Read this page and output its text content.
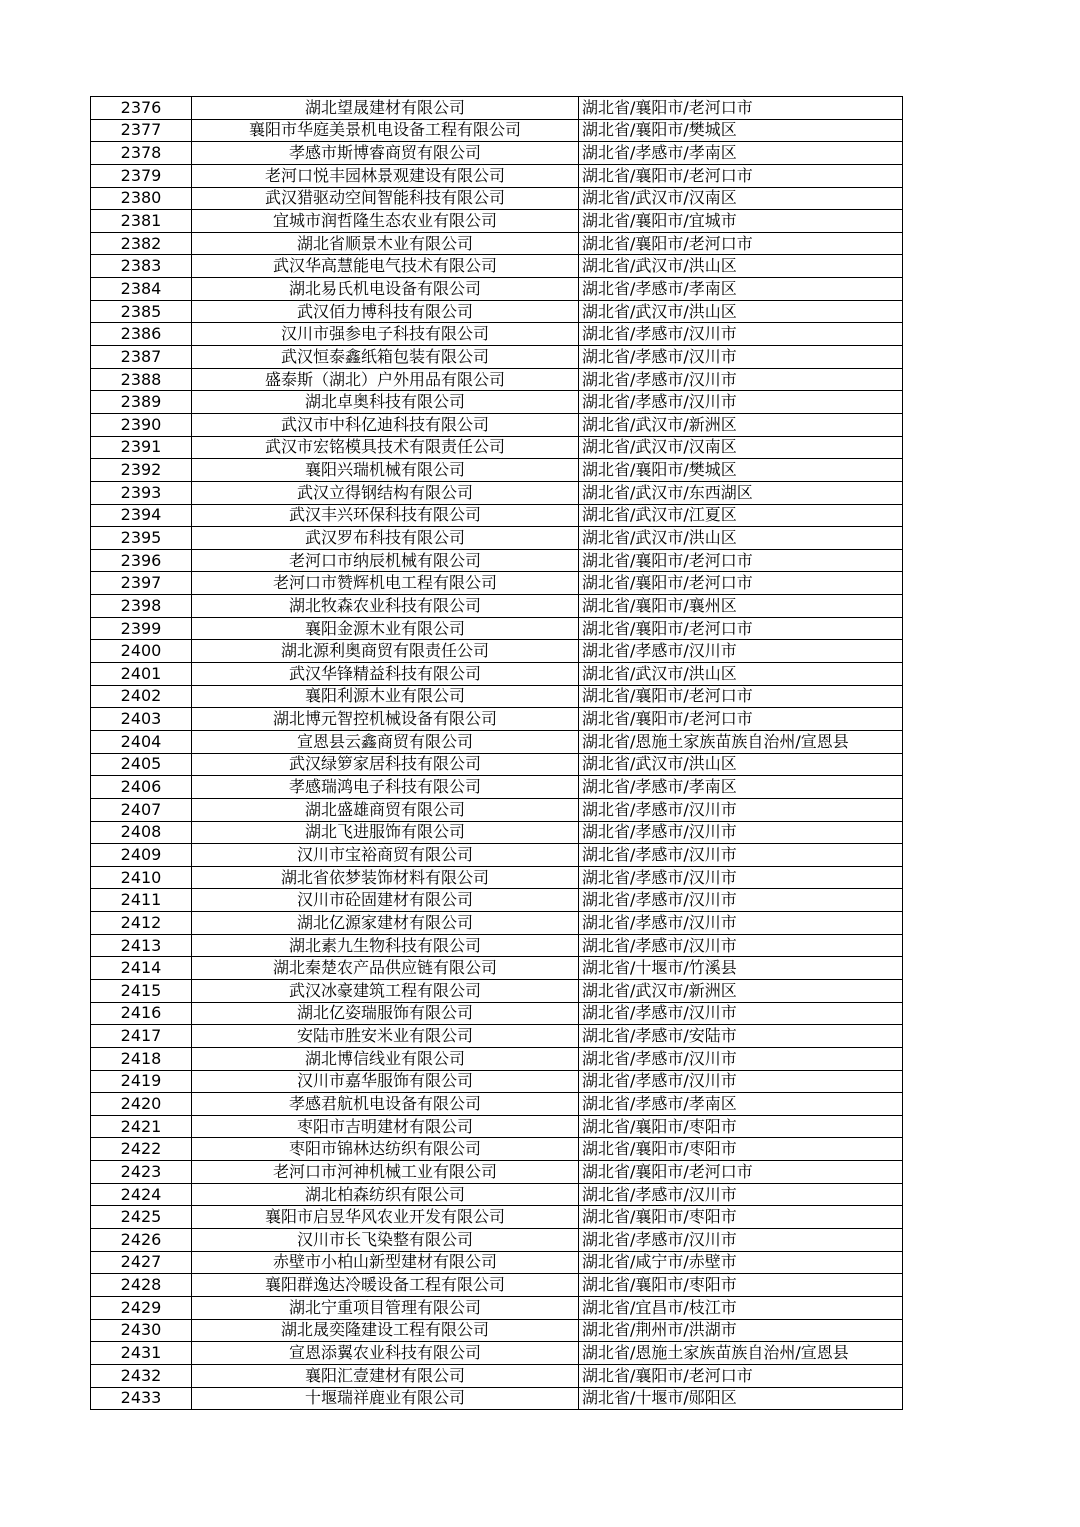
2376	湖北望晟建材有限公司	湖北省/襄阳市/老河口市
2377	襄阳市华庭美景机电设备工程有限公司	湖北省/襄阳市/樊城区
2378	孝感市斯博睿商贸有限公司	湖北省/孝感市/孝南区
2379	老河口悦丰园林景观建设有限公司	湖北省/襄阳市/老河口市
2380	武汉猎驱动空间智能科技有限公司	湖北省/武汉市/汉南区
2381	宜城市润哲隆生态农业有限公司	湖北省/襄阳市/宜城市
2382	湖北省顺景木业有限公司	湖北省/襄阳市/老河口市
2383	武汉华高慧能电气技术有限公司	湖北省/武汉市/洪山区
2384	湖北易氏机电设备有限公司	湖北省/孝感市/孝南区
2385	武汉佰力博科技有限公司	湖北省/武汉市/洪山区
2386	汉川市强参电子科技有限公司	湖北省/孝感市/汉川市
2387	武汉恒泰鑫纸箱包装有限公司	湖北省/孝感市/汉川市
2388	盛泰斯（湖北）户外用品有限公司	湖北省/孝感市/汉川市
2389	湖北卓奥科技有限公司	湖北省/孝感市/汉川市
2390	武汉市中科亿迪科技有限公司	湖北省/武汉市/新洲区
2391	武汉市宏铭模具技术有限责任公司	湖北省/武汉市/汉南区
2392	襄阳兴瑞机械有限公司	湖北省/襄阳市/樊城区
2393	武汉立得钢结构有限公司	湖北省/武汉市/东西湖区
2394	武汉丰兴环保科技有限公司	湖北省/武汉市/江夏区
2395	武汉罗布科技有限公司	湖北省/武汉市/洪山区
2396	老河口市纳辰机械有限公司	湖北省/襄阳市/老河口市
2397	老河口市赞辉机电工程有限公司	湖北省/襄阳市/老河口市
2398	湖北牧森农业科技有限公司	湖北省/襄阳市/襄州区
2399	襄阳金源木业有限公司	湖北省/襄阳市/老河口市
2400	湖北源利奥商贸有限责任公司	湖北省/孝感市/汉川市
2401	武汉华锋精益科技有限公司	湖北省/武汉市/洪山区
2402	襄阳利源木业有限公司	湖北省/襄阳市/老河口市
2403	湖北博元智控机械设备有限公司	湖北省/襄阳市/老河口市
2404	宣恩县云鑫商贸有限公司	湖北省/恩施土家族苗族自治州/宣恩县
2405	武汉绿箩家居科技有限公司	湖北省/武汉市/洪山区
2406	孝感瑞鸿电子科技有限公司	湖北省/孝感市/孝南区
2407	湖北盛雄商贸有限公司	湖北省/孝感市/汉川市
2408	湖北飞进服饰有限公司	湖北省/孝感市/汉川市
2409	汉川市宝裕商贸有限公司	湖北省/孝感市/汉川市
2410	湖北省依梦装饰材料有限公司	湖北省/孝感市/汉川市
2411	汉川市砼固建材有限公司	湖北省/孝感市/汉川市
2412	湖北亿源家建材有限公司	湖北省/孝感市/汉川市
2413	湖北素九生物科技有限公司	湖北省/孝感市/汉川市
2414	湖北秦楚农产品供应链有限公司	湖北省/十堰市/竹溪县
2415	武汉冰豪建筑工程有限公司	湖北省/武汉市/新洲区
2416	湖北亿姿瑞服饰有限公司	湖北省/孝感市/汉川市
2417	安陆市胜安米业有限公司	湖北省/孝感市/安陆市
2418	湖北博信线业有限公司	湖北省/孝感市/汉川市
2419	汉川市嘉华服饰有限公司	湖北省/孝感市/汉川市
2420	孝感君航机电设备有限公司	湖北省/孝感市/孝南区
2421	枣阳市吉明建材有限公司	湖北省/襄阳市/枣阳市
2422	枣阳市锦林达纺织有限公司	湖北省/襄阳市/枣阳市
2423	老河口市河神机械工业有限公司	湖北省/襄阳市/老河口市
2424	湖北柏森纺织有限公司	湖北省/孝感市/汉川市
2425	襄阳市启昱华风农业开发有限公司	湖北省/襄阳市/枣阳市
2426	汉川市长飞染整有限公司	湖北省/孝感市/汉川市
2427	赤壁市小柏山新型建材有限公司	湖北省/咸宁市/赤壁市
2428	襄阳群逸达冷暖设备工程有限公司	湖北省/襄阳市/枣阳市
2429	湖北宁重项目管理有限公司	湖北省/宜昌市/枝江市
2430	湖北晟奕隆建设工程有限公司	湖北省/荆州市/洪湖市
2431	宣恩添翼农业科技有限公司	湖北省/恩施土家族苗族自治州/宣恩县
2432	襄阳汇壹建材有限公司	湖北省/襄阳市/老河口市
2433	十堰瑞祥鹿业有限公司	湖北省/十堰市/郧阳区
